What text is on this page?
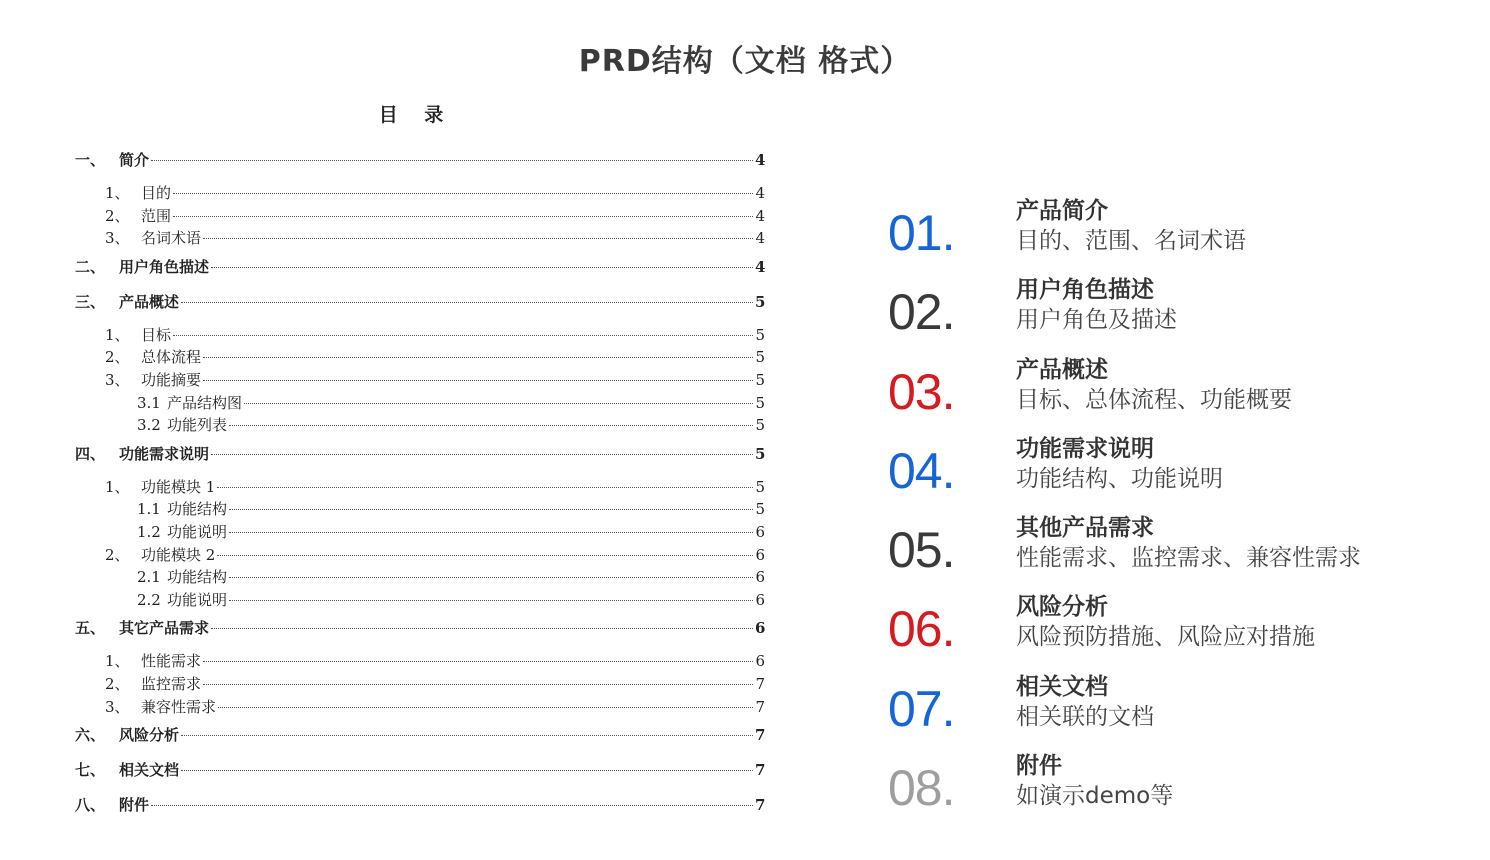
PRD结构（文档 格式）
目 录
一、 简介	4
1、 目的	4
2、 范围	4
3、 名词术语	4
二、 用户角色描述	4
三、 产品概述	5
1、 目标	5
2、 总体流程	5
3、 功能摘要	5
3.1 产品结构图	5
3.2 功能列表	5
四、 功能需求说明	5
1、 功能模块 1	5
1.1 功能结构	5
1.2 功能说明	6
2、 功能模块 2	6
2.1 功能结构	6
2.2 功能说明	6
五、 其它产品需求	6
1、 性能需求	6
2、 监控需求	7
3、 兼容性需求	7
六、 风险分析	7
七、 相关文档	7
八、 附件	7
01.	产品简介
目的、范围、名词术语
02.	用户角色描述
用户角色及描述
03.	产品概述
目标、总体流程、功能概要
04.	功能需求说明
功能结构、功能说明
05.	其他产品需求
性能需求、监控需求、兼容性需求
06.	风险分析
风险预防措施、风险应对措施
07.	相关文档
相关联的文档
08.	附件
如演示demo等
